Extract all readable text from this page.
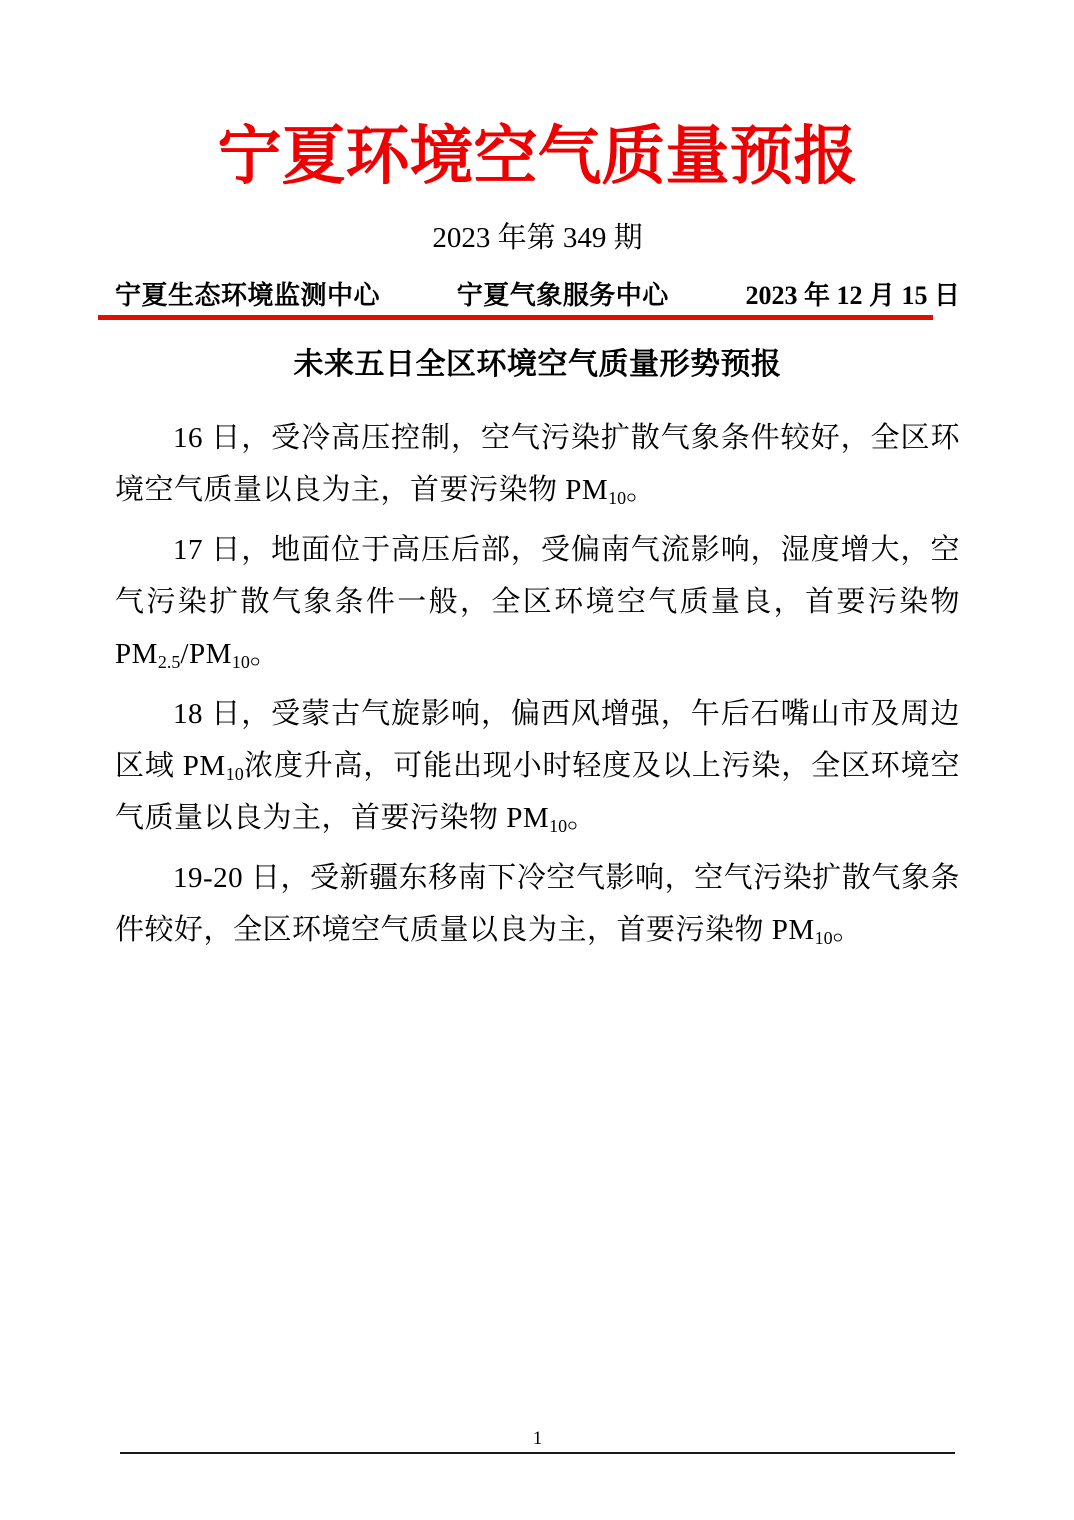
宁夏环境空气质量预报
2023 年第 349 期
宁夏生态环境监测中心	宁夏气象服务中心	2023 年 12 月 15 日
未来五日全区环境空气质量形势预报

16 日，受冷高压控制，空气污染扩散气象条件较好，全区环境空气质量以良为主，首要污染物 $PM_{10}$。

17 日，地面位于高压后部，受偏南气流影响，湿度增大，空气污染扩散气象条件一般，全区环境空气质量良，首要污染物 $PM_{2.5}/PM_{10}$。

18 日，受蒙古气旋影响，偏西风增强，午后石嘴山市及周边区域 $PM_{10}$浓度升高，可能出现小时轻度及以上污染，全区环境空气质量以良为主，首要污染物 $PM_{10}$。

19-20 日，受新疆东移南下冷空气影响，空气污染扩散气象条件较好，全区环境空气质量以良为主，首要污染物 $PM_{10}$。

1
